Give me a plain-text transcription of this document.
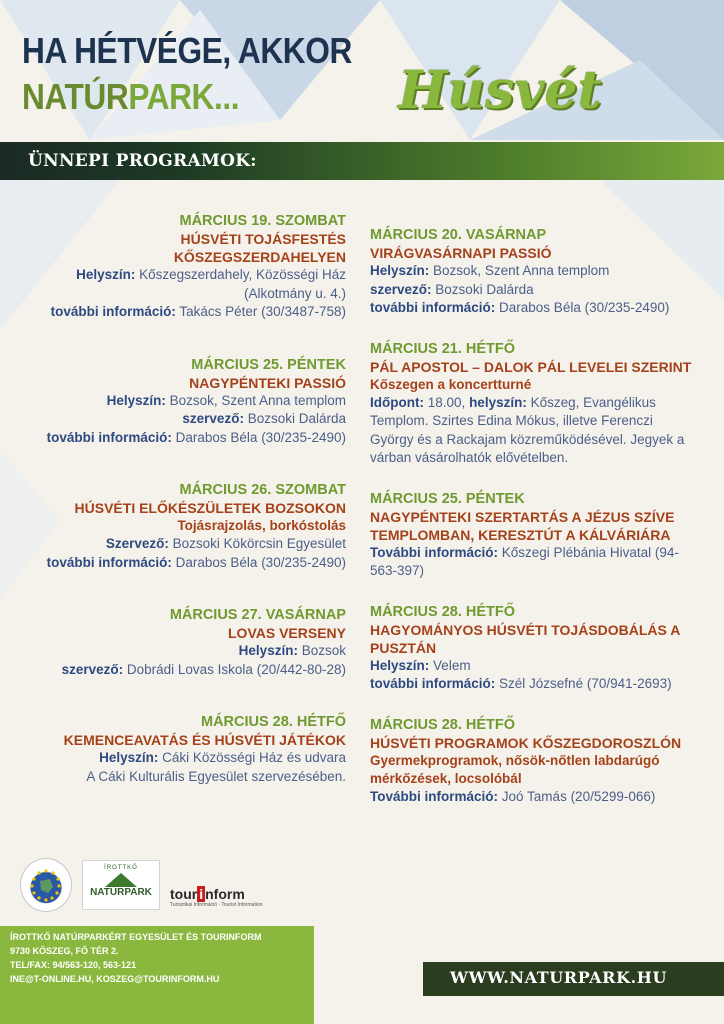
HA HÉTVÉGE, AKKOR
NATÚRPARK...	Húsvét
ÜNNEPI PROGRAMOK:
MÁRCIUS 19. SZOMBAT
HÚSVÉTI TOJÁSFESTÉS
KŐSZEGSZERDAHELYEN
Helyszín: Kőszegszerdahely, Közösségi Ház
(Alkotmány u. 4.)
további információ: Takács Péter (30/3487-758)
MÁRCIUS 25. PÉNTEK
NAGYPÉNTEKI PASSIÓ
Helyszín: Bozsok, Szent Anna templom
szervező: Bozsoki Dalárda
további információ: Darabos Béla (30/235-2490)
MÁRCIUS 26. SZOMBAT
HÚSVÉTI ELŐKÉSZÜLETEK BOZSOKON
Tojásrajzolás, borkóstolás
Szervező: Bozsoki Kökörcsin Egyesület
további információ: Darabos Béla (30/235-2490)
MÁRCIUS 27. VASÁRNAP
LOVAS VERSENY
Helyszín: Bozsok
szervező: Dobrádi Lovas Iskola (20/442-80-28)
MÁRCIUS 28. HÉTFŐ
KEMENCEAVATÁS ÉS HÚSVÉTI JÁTÉKOK
Helyszín: Cáki Közösségi Ház és udvara
A Cáki Kulturális Egyesület szervezésében.
MÁRCIUS 20. VASÁRNAP
VIRÁGVASÁRNAPI PASSIÓ
Helyszín: Bozsok, Szent Anna templom
szervező: Bozsoki Dalárda
további információ: Darabos Béla (30/235-2490)
MÁRCIUS 21. HÉTFŐ
PÁL APOSTOL – DALOK PÁL LEVELEI SZERINT
Kőszegen a koncertturné
Időpont: 18.00, helyszín: Kőszeg, Evangélikus Templom. Szirtes Edina Mókus, illetve Ferenczi György és a Rackajam közreműködésével. Jegyek a várban vásárolhatók elővételben.
MÁRCIUS 25. PÉNTEK
NAGYPÉNTEKI SZERTARTÁS A JÉZUS SZÍVE TEMPLOMBAN, KERESZTÚT A KÁLVÁRIÁRA
További információ: Kőszegi Plébánia Hivatal (94-563-397)
MÁRCIUS 28. HÉTFŐ
HAGYOMÁNYOS HÚSVÉTI TOJÁSDOBÁLÁS A PUSZTÁN
Helyszín: Velem
további információ: Szél Józsefné (70/941-2693)
MÁRCIUS 28. HÉTFŐ
HÚSVÉTI PROGRAMOK KŐSZEGDOROSZLÓN
Gyermekprogramok, nősök-nőtlen labdarúgó mérkőzések, locsolóbál
További információ: Joó Tamás (20/5299-066)
ÍROTTKŐ
NATÚRPARK	tour i nform
Turisztikai Információ · Tourist Information
ÍROTTKŐ NATÚRPARKÉRT EGYESÜLET ÉS TOURINFORM
9730 KŐSZEG, FŐ TÉR 2.
TEL/FAX: 94/563-120, 563-121
INE@T-ONLINE.HU, KOSZEG@TOURINFORM.HU	WWW.NATURPARK.HU
